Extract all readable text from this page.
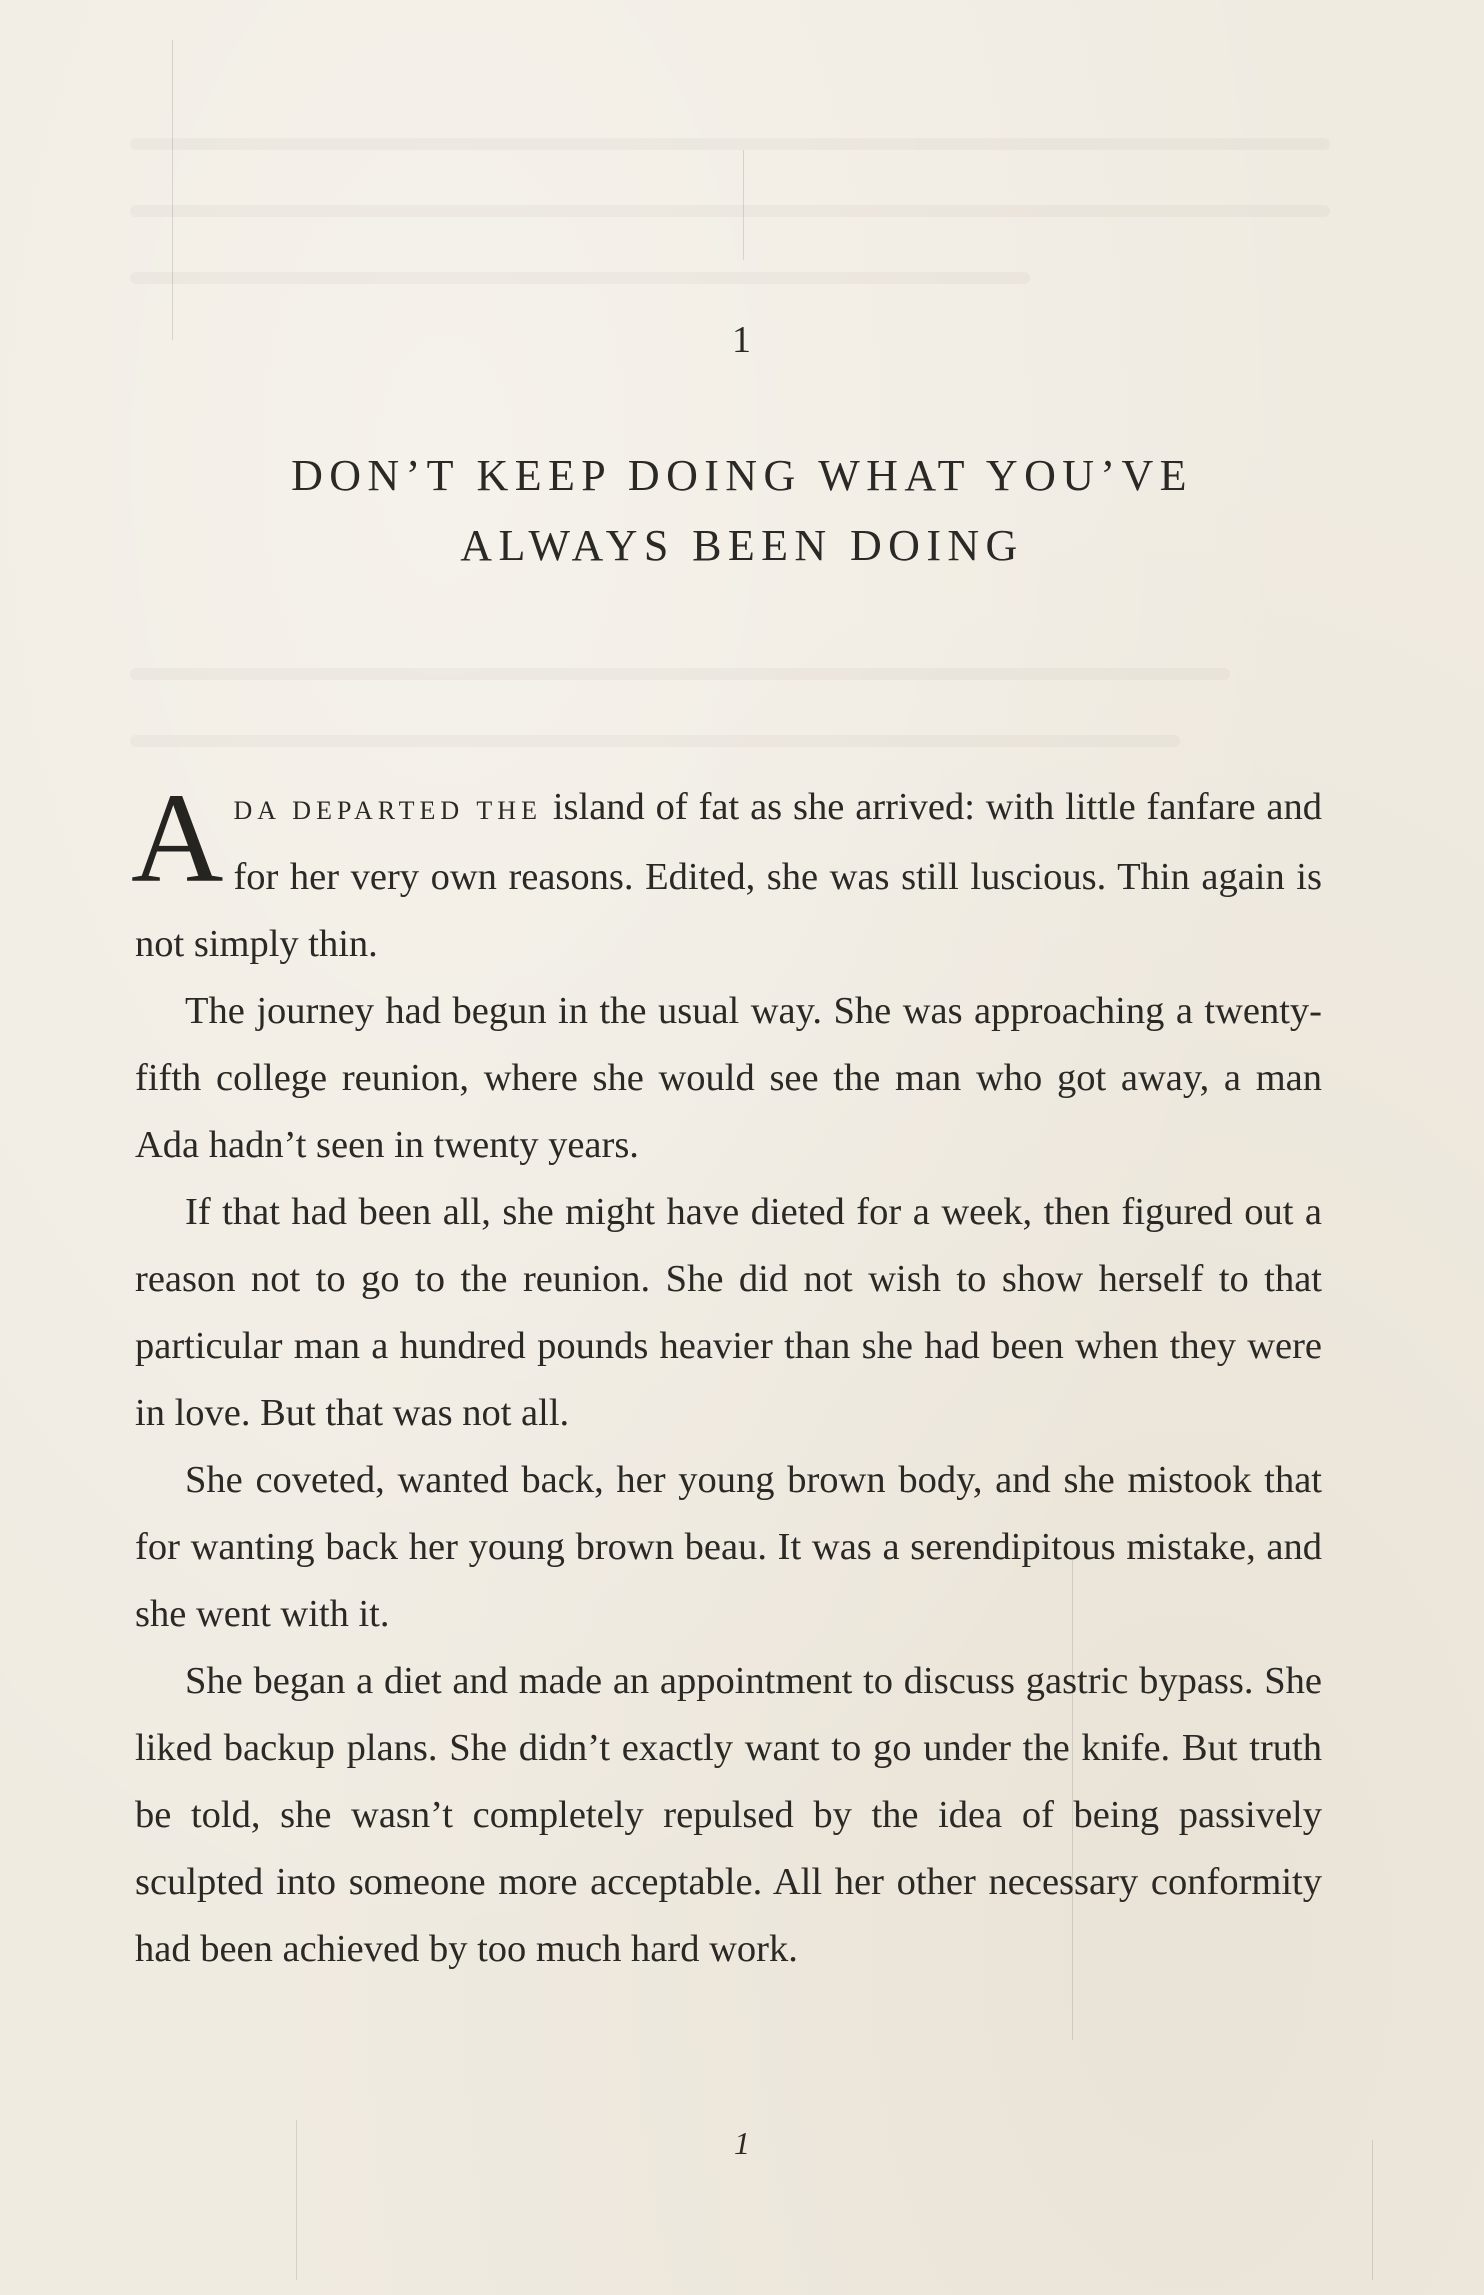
1
DON’T KEEP DOING WHAT YOU’VE
ALWAYS BEEN DOING

ADA DEPARTED THE island of fat as she arrived: with little fanfare and for her very own reasons. Edited, she was still luscious. Thin again is not simply thin.

The journey had begun in the usual way. She was approaching a twenty-fifth college reunion, where she would see the man who got away, a man Ada hadn’t seen in twenty years.

If that had been all, she might have dieted for a week, then figured out a reason not to go to the reunion. She did not wish to show herself to that particular man a hundred pounds heavier than she had been when they were in love. But that was not all.

She coveted, wanted back, her young brown body, and she mistook that for wanting back her young brown beau. It was a serendipitous mistake, and she went with it.

She began a diet and made an appointment to discuss gastric bypass. She liked backup plans. She didn’t exactly want to go under the knife. But truth be told, she wasn’t completely repulsed by the idea of being passively sculpted into someone more acceptable. All her other necessary conformity had been achieved by too much hard work.

1
